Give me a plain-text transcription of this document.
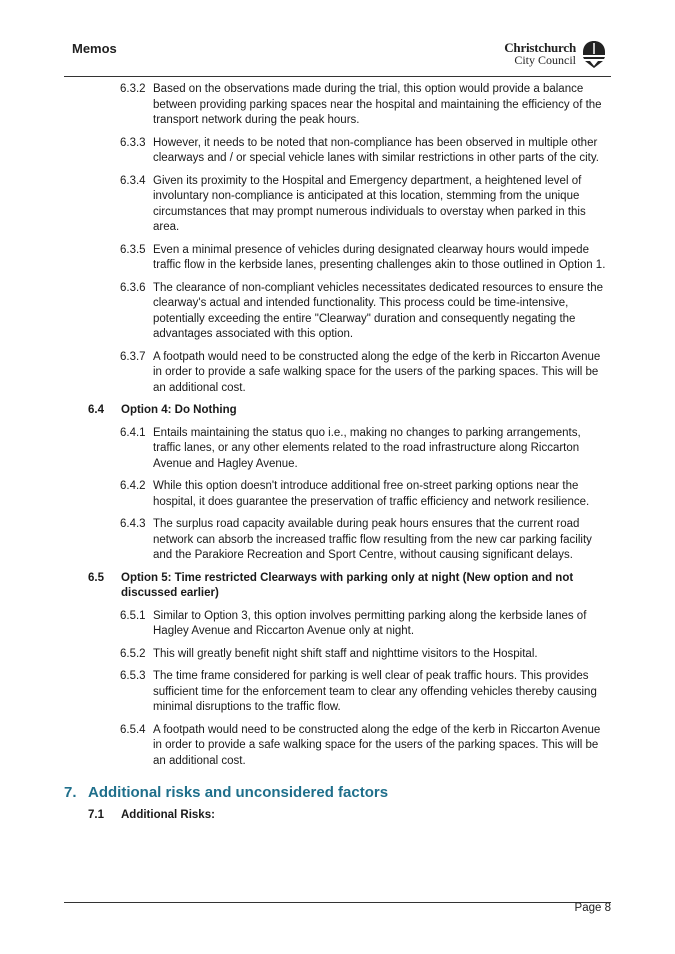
Memos	Christchurch
City Council
6.3.2 Based on the observations made during the trial, this option would provide a balance between providing parking spaces near the hospital and maintaining the efficiency of the transport network during the peak hours.
6.3.3 However, it needs to be noted that non-compliance has been observed in multiple other clearways and / or special vehicle lanes with similar restrictions in other parts of the city.
6.3.4 Given its proximity to the Hospital and Emergency department, a heightened level of involuntary non-compliance is anticipated at this location, stemming from the unique circumstances that may prompt numerous individuals to overstay when parked in this area.
6.3.5 Even a minimal presence of vehicles during designated clearway hours would impede traffic flow in the kerbside lanes, presenting challenges akin to those outlined in Option 1.
6.3.6 The clearance of non-compliant vehicles necessitates dedicated resources to ensure the clearway's actual and intended functionality. This process could be time-intensive, potentially exceeding the entire "Clearway" duration and consequently negating the advantages associated with this option.
6.3.7 A footpath would need to be constructed along the edge of the kerb in Riccarton Avenue in order to provide a safe walking space for the users of the parking spaces. This will be an additional cost.
6.4 Option 4: Do Nothing
6.4.1 Entails maintaining the status quo i.e., making no changes to parking arrangements, traffic lanes, or any other elements related to the road infrastructure along Riccarton Avenue and Hagley Avenue.
6.4.2 While this option doesn't introduce additional free on-street parking options near the hospital, it does guarantee the preservation of traffic efficiency and network resilience.
6.4.3 The surplus road capacity available during peak hours ensures that the current road network can absorb the increased traffic flow resulting from the new car parking facility and the Parakiore Recreation and Sport Centre, without causing significant delays.
6.5 Option 5: Time restricted Clearways with parking only at night (New option and not discussed earlier)
6.5.1 Similar to Option 3, this option involves permitting parking along the kerbside lanes of Hagley Avenue and Riccarton Avenue only at night.
6.5.2 This will greatly benefit night shift staff and nighttime visitors to the Hospital.
6.5.3 The time frame considered for parking is well clear of peak traffic hours. This provides sufficient time for the enforcement team to clear any offending vehicles thereby causing minimal disruptions to the traffic flow.
6.5.4 A footpath would need to be constructed along the edge of the kerb in Riccarton Avenue in order to provide a safe walking space for the users of the parking spaces. This will be an additional cost.
7. Additional risks and unconsidered factors
7.1 Additional Risks:
Page 8
